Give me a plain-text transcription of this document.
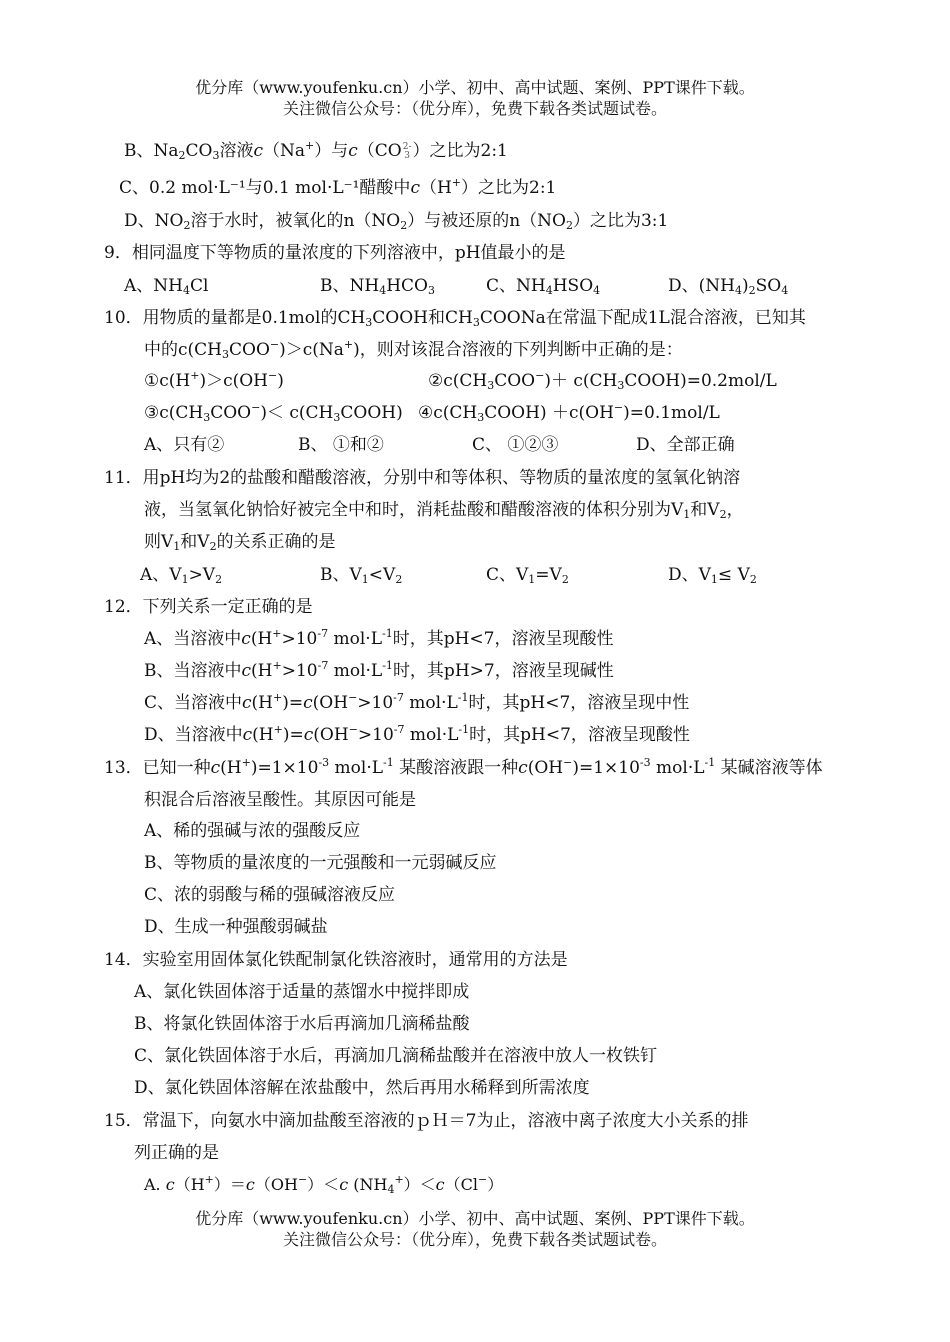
优分库（www.youfenku.cn）小学、初中、高中试题、案例、PPT课件下载。
关注微信公众号：（优分库），免费下载各类试题试卷。
B、$Na_2CO_3$溶液c（Na+）与c（CO 2-
3 ）之比为2:1
C、0.2 mol·L⁻¹与0.1 mol·L⁻¹醋酸中c（H+）之比为2:1
D、$NO_2$溶于水时，被氧化的$n(NO_2)$与被还原的$n(NO_2)$之比为3:1
9．相同温度下等物质的量浓度的下列溶液中，pH值最小的是
A、$NH_4Cl$	B、$NH_4HCO_3$	C、$NH_4HSO_4$	D、$(NH_4)_2SO_4$
10．用物质的量都是0.1mol的$CH_3COOH$和$CH_3COONa$在常温下配成1L混合溶液，已知其
中的$c(CH_3COO^-)>c(Na^+)$，则对该混合溶液的下列判断中正确的是：
①c(H+)＞c(OH−)	$②c(CH_3COO^-)+$ $c(CH_3COOH)=0.2mol/L$
$③c(CH_3COO^-)<$ $c(CH_3COOH)$ $④c(CH_3COOH) +c(OH^-)=0.1mol/L$
A、只有②	B、 ①和②	C、 ①②③	D、全部正确
11．用pH均为2的盐酸和醋酸溶液，分别中和等体积、等物质的量浓度的氢氧化钠溶
液，当氢氧化钠恰好被完全中和时，消耗盐酸和醋酸溶液的体积分别为$V_1$和$V_2$，
则$V_1$和$V_2$的关系正确的是
A、$V_1>V_2$	B、$V_1<V_2$	C、$V_1=V_2$	D、$V_1\le V_2$
12．下列关系一定正确的是
A、当溶液中$c(H^+>10^{-7}$ $mol\cdot L^{-1}$时，其pH<7，溶液呈现酸性
B、当溶液中$c(H^+>10^{-7}$ $mol\cdot L^{-1}$时，其pH>7，溶液呈现碱性
C、当溶液中$c(H^+)=c(OH^->10^{-7}$ $mol\cdot L^{-1}$时，其pH<7，溶液呈现中性
D、当溶液中$c(H^+)=c(OH^->10^{-7}$ $mol\cdot L^{-1}$时，其pH<7，溶液呈现酸性
13．已知一种$c(H^+)=1\times 10^{-3}$ $mol\cdot L^{-1}$ 某酸溶液跟一种$c(OH^-)=1\times 10^{-3}$ $mol\cdot L^{-1}$ 某碱溶液等体
积混合后溶液呈酸性。其原因可能是
A、稀的强碱与浓的强酸反应
B、等物质的量浓度的一元强酸和一元弱碱反应
C、浓的弱酸与稀的强碱溶液反应
D、生成一种强酸弱碱盐
14．实验室用固体氯化铁配制氯化铁溶液时，通常用的方法是
A、氯化铁固体溶于适量的蒸馏水中搅拌即成
B、将氯化铁固体溶于水后再滴加几滴稀盐酸
C、氯化铁固体溶于水后，再滴加几滴稀盐酸并在溶液中放人一枚铁钉
D、氯化铁固体溶解在浓盐酸中，然后再用水稀释到所需浓度
15．常温下，向氨水中滴加盐酸至溶液的ｐＨ＝7为止，溶液中离子浓度大小关系的排
列正确的是
A. c（H+）＝c（OH−）＜c $(NH_4^+)<c(Cl^-)$
优分库（www.youfenku.cn）小学、初中、高中试题、案例、PPT课件下载。
关注微信公众号：（优分库），免费下载各类试题试卷。
